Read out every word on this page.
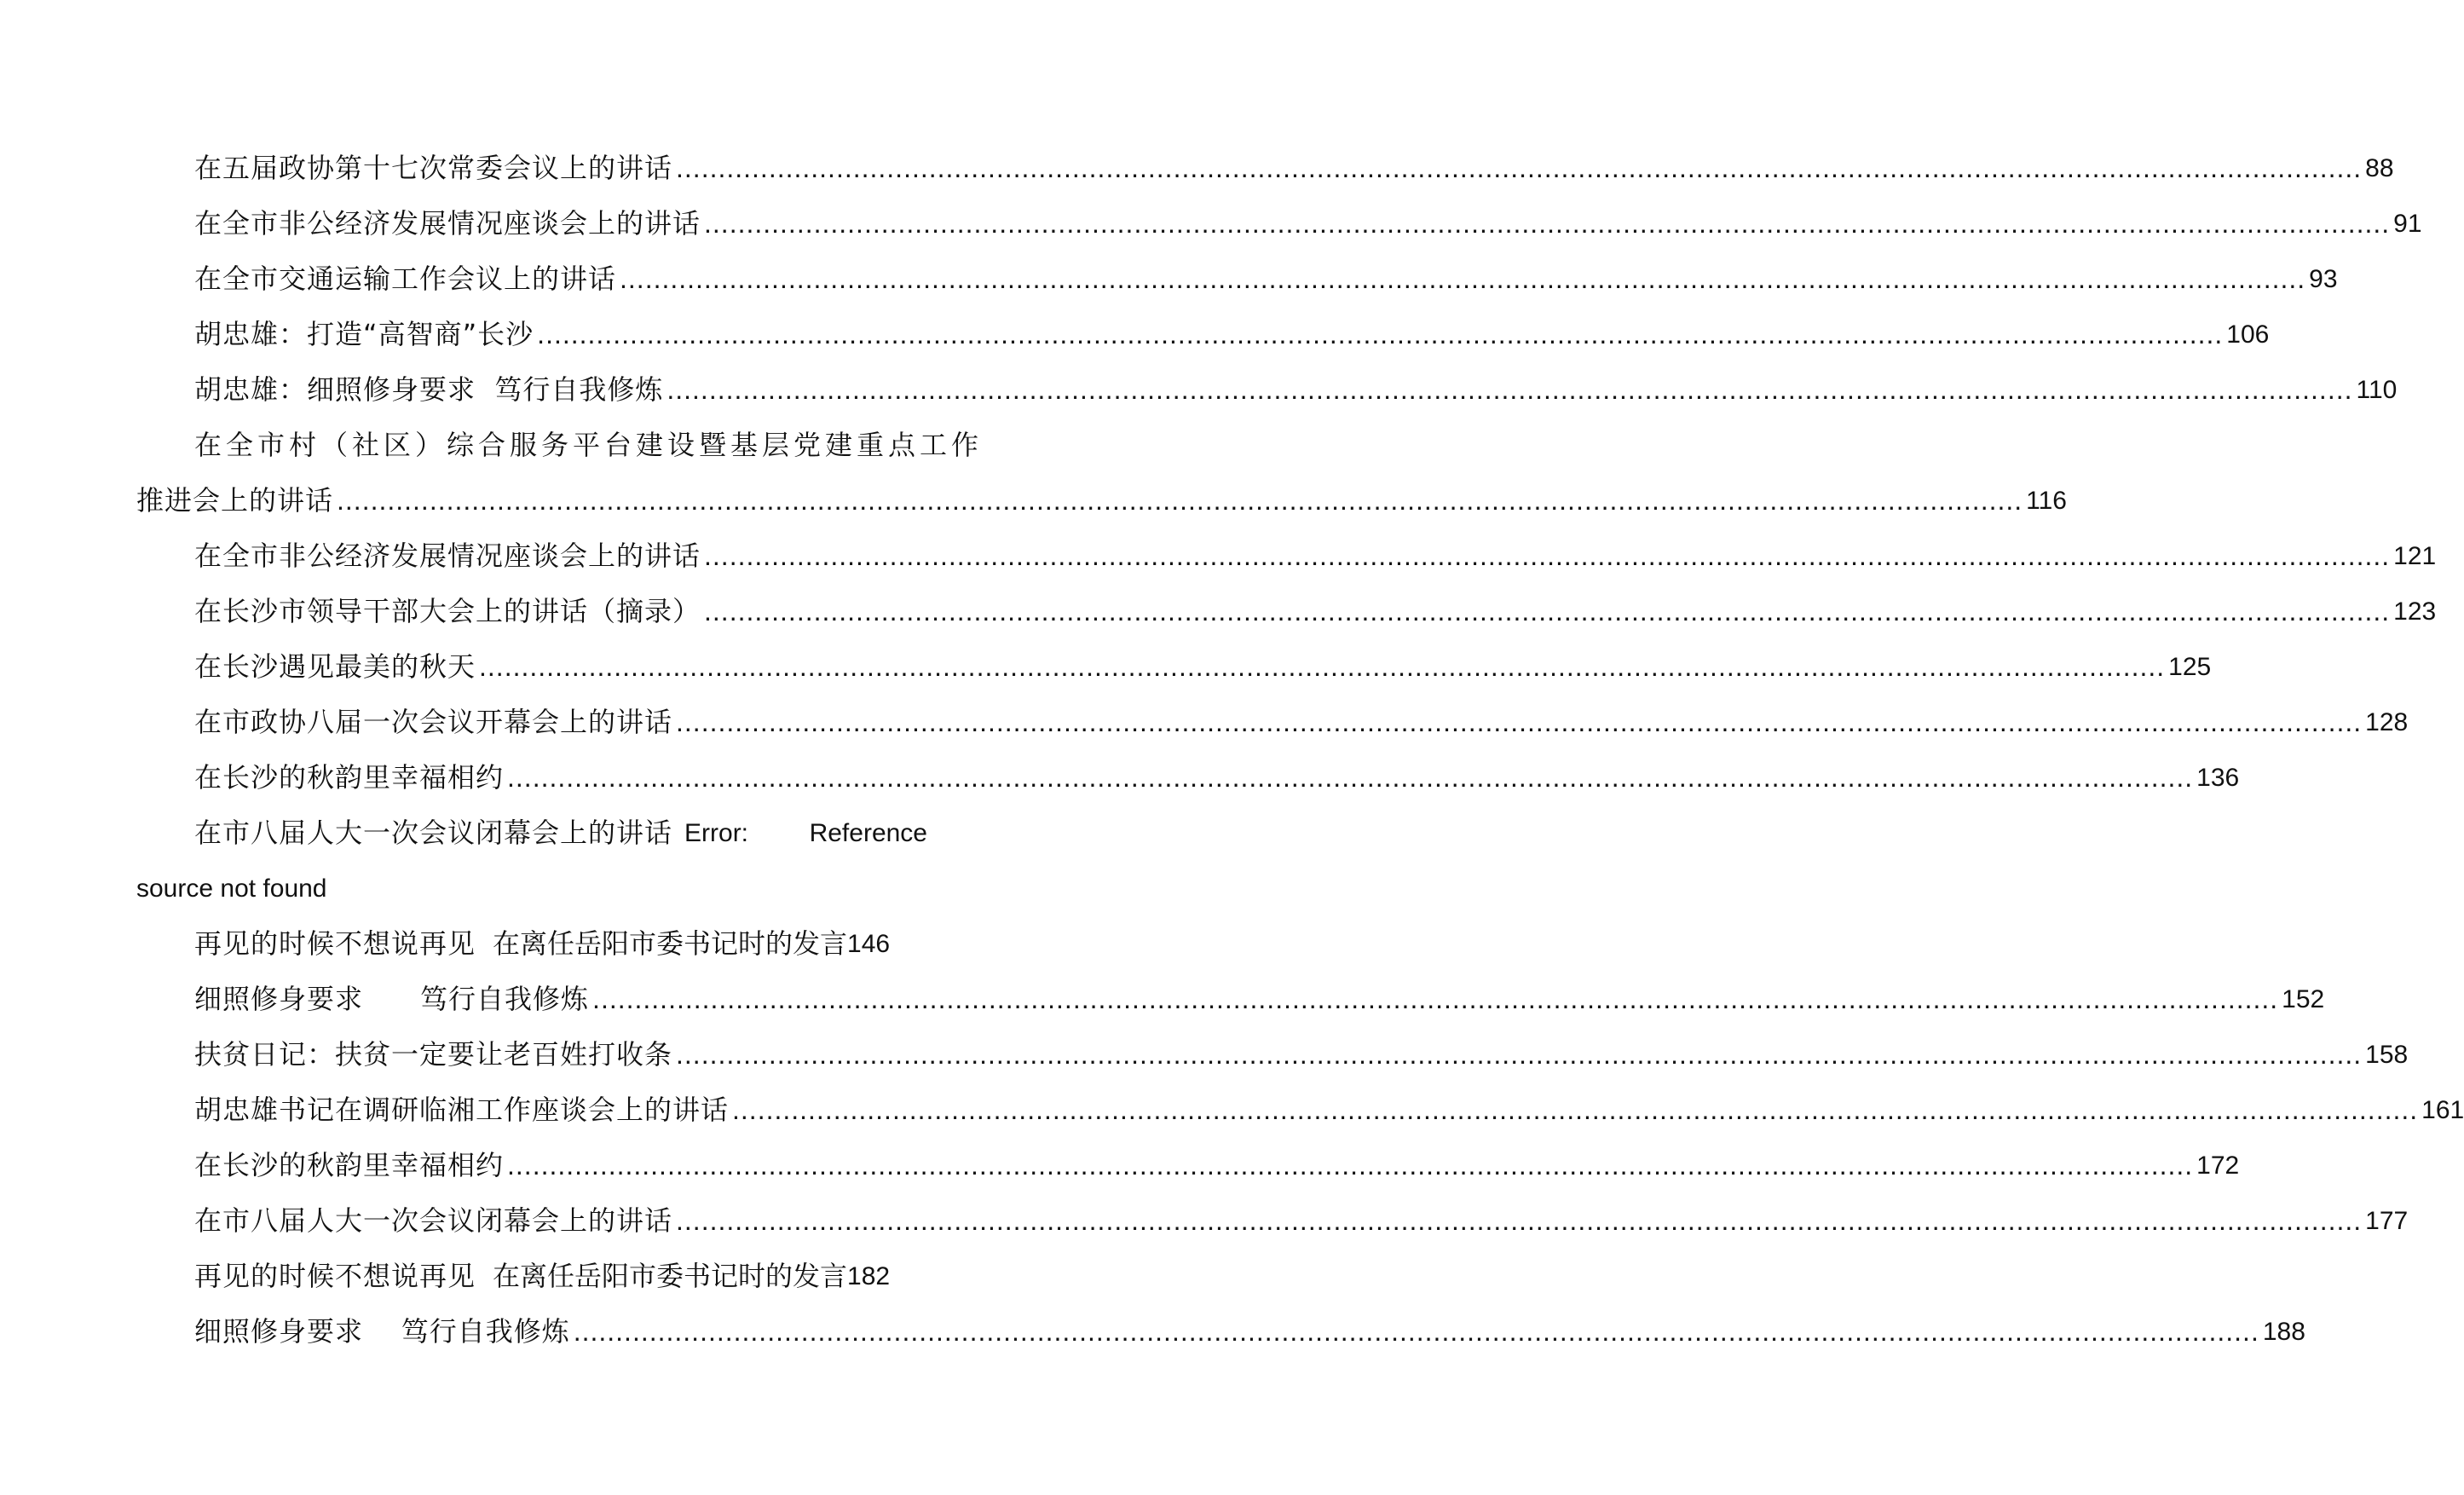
在五届政协第十七次常委会议上的讲话 ........................................................................................................................................................................................................ 88
在全市非公经济发展情况座谈会上的讲话 ........................................................................................................................................................................................................ 91
在全市交通运输工作会议上的讲话 ........................................................................................................................................................................................................ 93
胡忠雄：打造“高智商”长沙 ........................................................................................................................................................................................................ 106
胡忠雄：细照修身要求  笃行自我修炼 ........................................................................................................................................................................................................ 110
在全市村（社区）综合服务平台建设暨基层党建重点工作
推进会上的讲话 ........................................................................................................................................................................................................ 116
在全市非公经济发展情况座谈会上的讲话 ........................................................................................................................................................................................................ 121
在长沙市领导干部大会上的讲话（摘录） ........................................................................................................................................................................................................ 123
在长沙遇见最美的秋天 ........................................................................................................................................................................................................ 125
在市政协八届一次会议开幕会上的讲话 ........................................................................................................................................................................................................ 128
在长沙的秋韵里幸福相约 ........................................................................................................................................................................................................ 136
在市八届人大一次会议闭幕会上的讲话 Error: Reference
source not found
再见的时候不想说再见 在离任岳阳市委书记时的发言 146
细照修身要求      笃行自我修炼 ........................................................................................................................................................................................................ 152
扶贫日记：扶贫一定要让老百姓打收条 ........................................................................................................................................................................................................ 158
胡忠雄书记在调研临湘工作座谈会上的讲话 ........................................................................................................................................................................................................ 161
在长沙的秋韵里幸福相约 ........................................................................................................................................................................................................ 172
在市八届人大一次会议闭幕会上的讲话 ........................................................................................................................................................................................................ 177
再见的时候不想说再见 在离任岳阳市委书记时的发言 182
细照修身要求    笃行自我修炼 ........................................................................................................................................................................................................ 188
